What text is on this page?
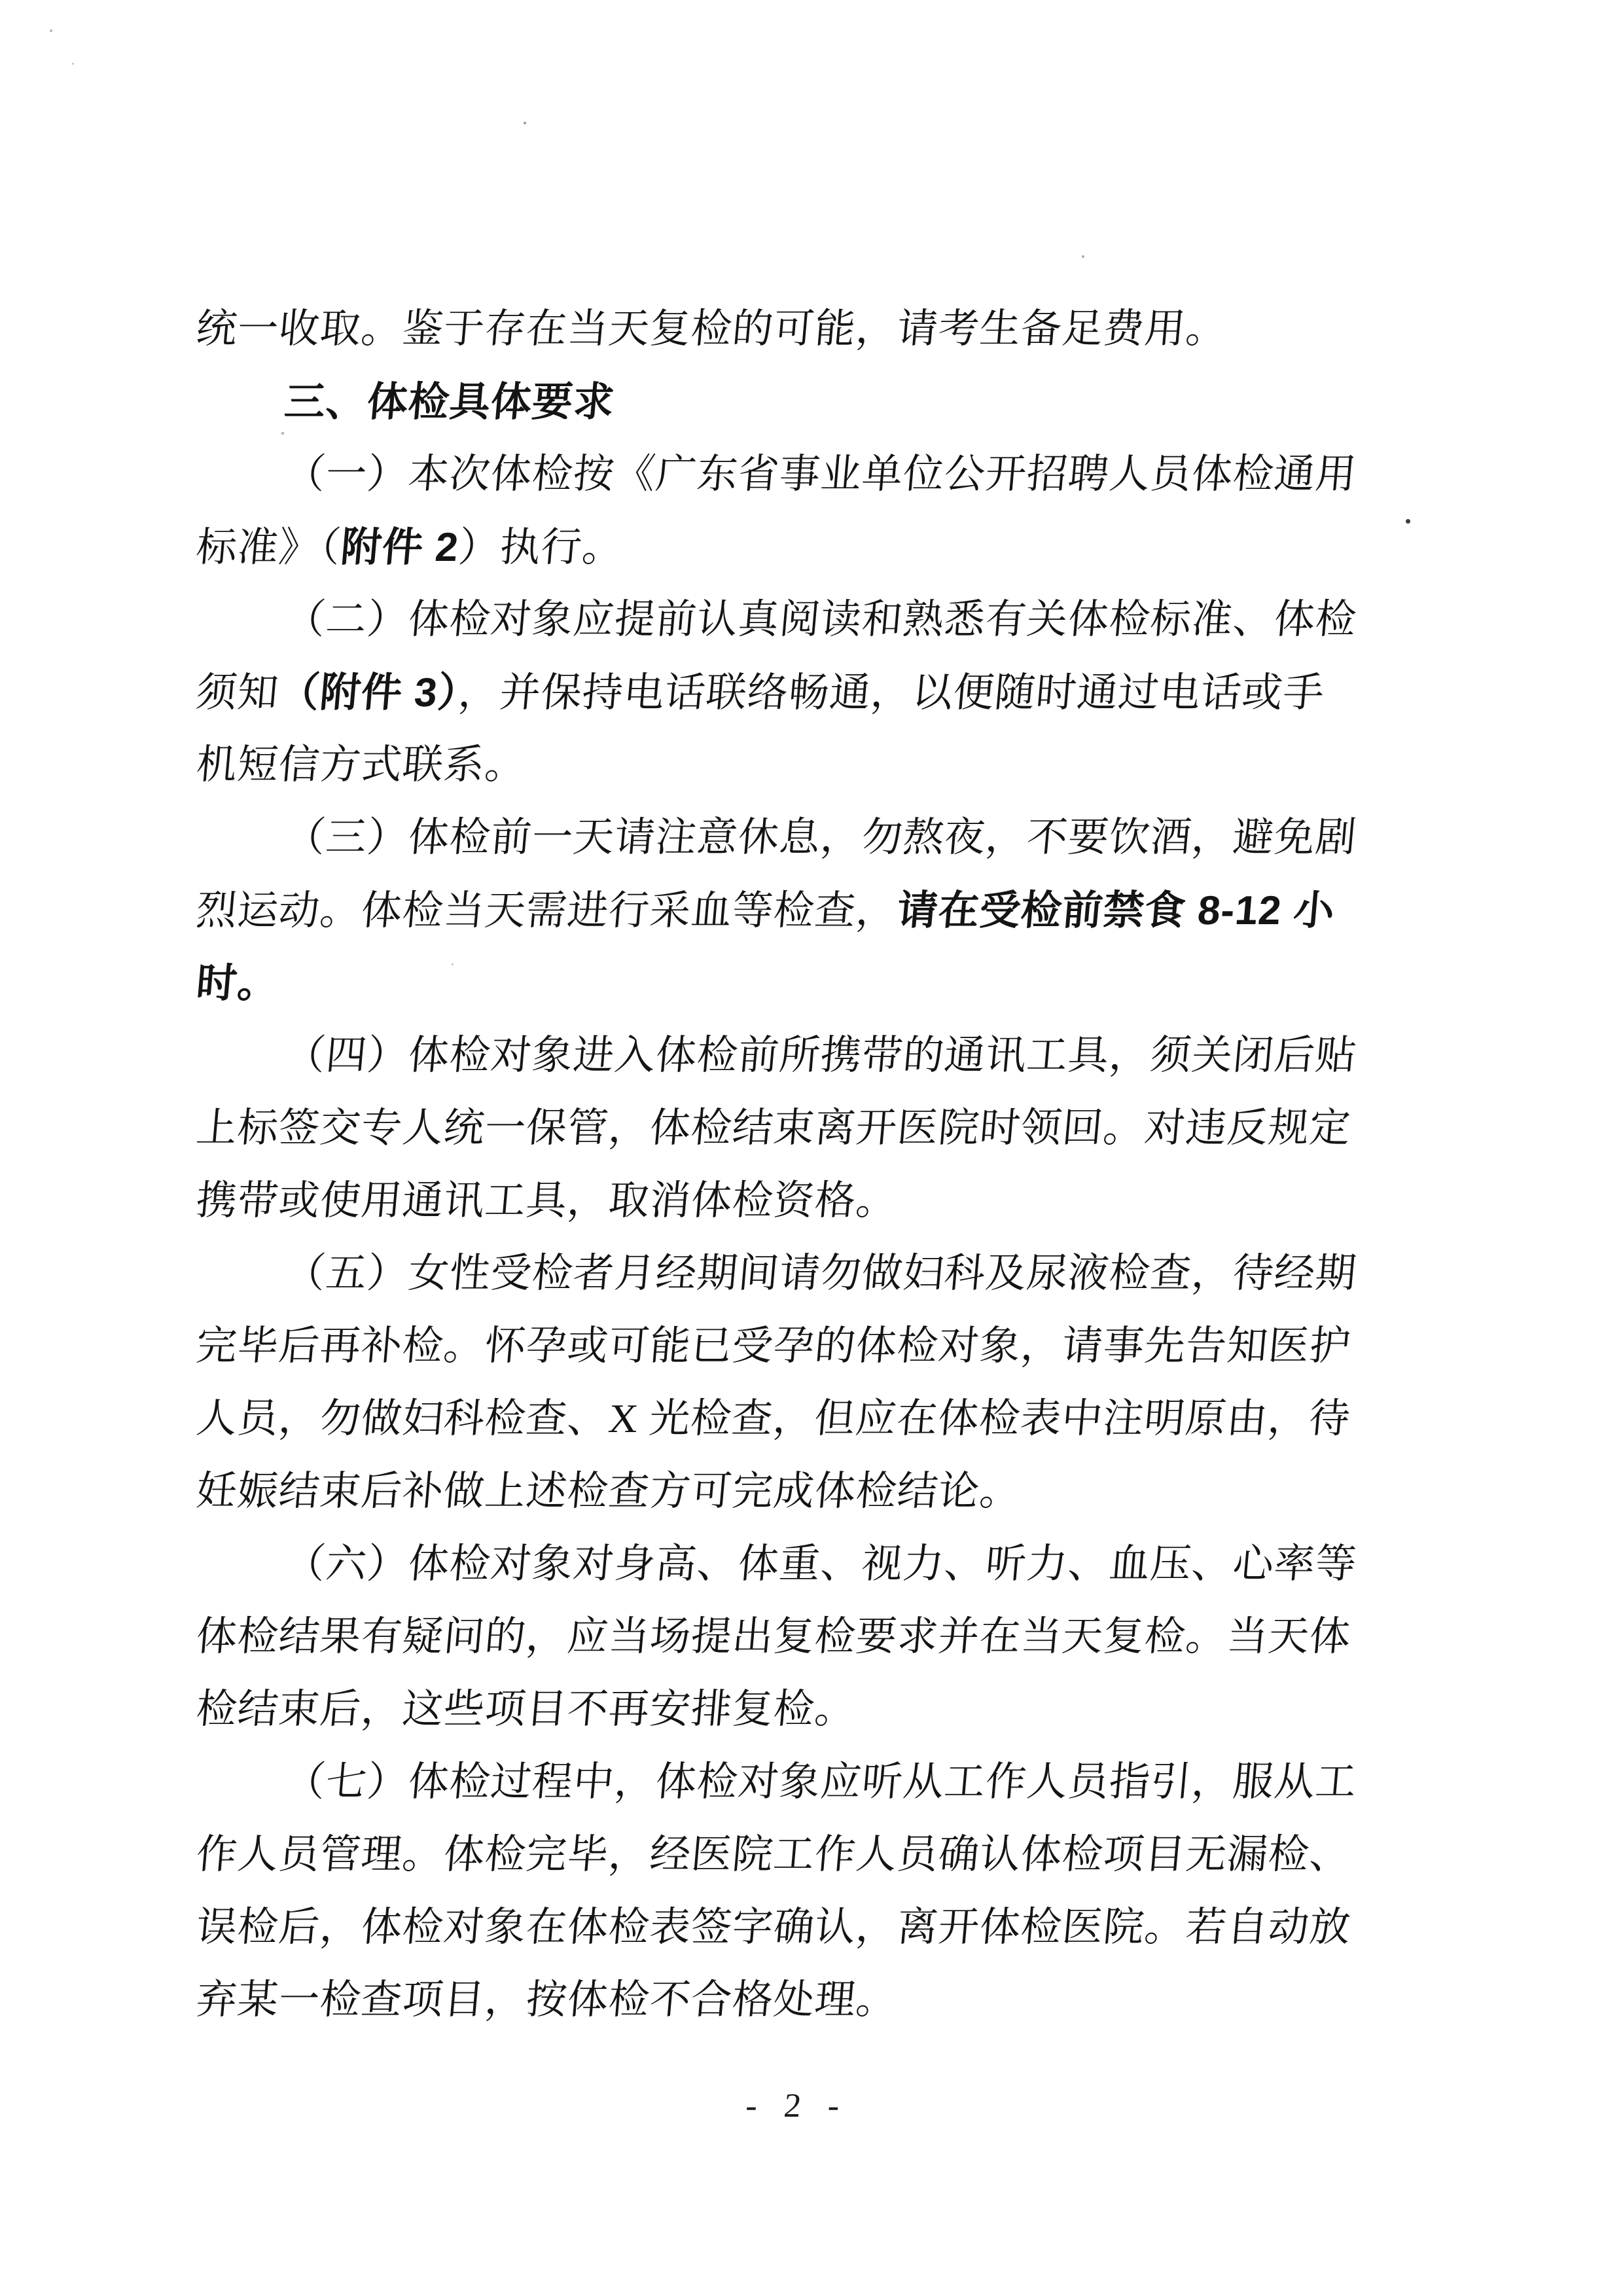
统一收取。鉴于存在当天复检的可能，请考生备足费用。
三、体检具体要求
（一）本次体检按《广东省事业单位公开招聘人员体检通用
标准》（附件 2）执行。
（二）体检对象应提前认真阅读和熟悉有关体检标准、体检
须知（附件 3），并保持电话联络畅通，以便随时通过电话或手
机短信方式联系。
（三）体检前一天请注意休息，勿熬夜，不要饮酒，避免剧
烈运动。体检当天需进行采血等检查，请在受检前禁食 8-12 小
时。
（四）体检对象进入体检前所携带的通讯工具，须关闭后贴
上标签交专人统一保管，体检结束离开医院时领回。对违反规定
携带或使用通讯工具，取消体检资格。
（五）女性受检者月经期间请勿做妇科及尿液检查，待经期
完毕后再补检。怀孕或可能已受孕的体检对象，请事先告知医护
人员，勿做妇科检查、X 光检查，但应在体检表中注明原由，待
妊娠结束后补做上述检查方可完成体检结论。
（六）体检对象对身高、体重、视力、听力、血压、心率等
体检结果有疑问的，应当场提出复检要求并在当天复检。当天体
检结束后，这些项目不再安排复检。
（七）体检过程中，体检对象应听从工作人员指引，服从工
作人员管理。体检完毕，经医院工作人员确认体检项目无漏检、
误检后，体检对象在体检表签字确认，离开体检医院。若自动放
弃某一检查项目，按体检不合格处理。
- 2 -
